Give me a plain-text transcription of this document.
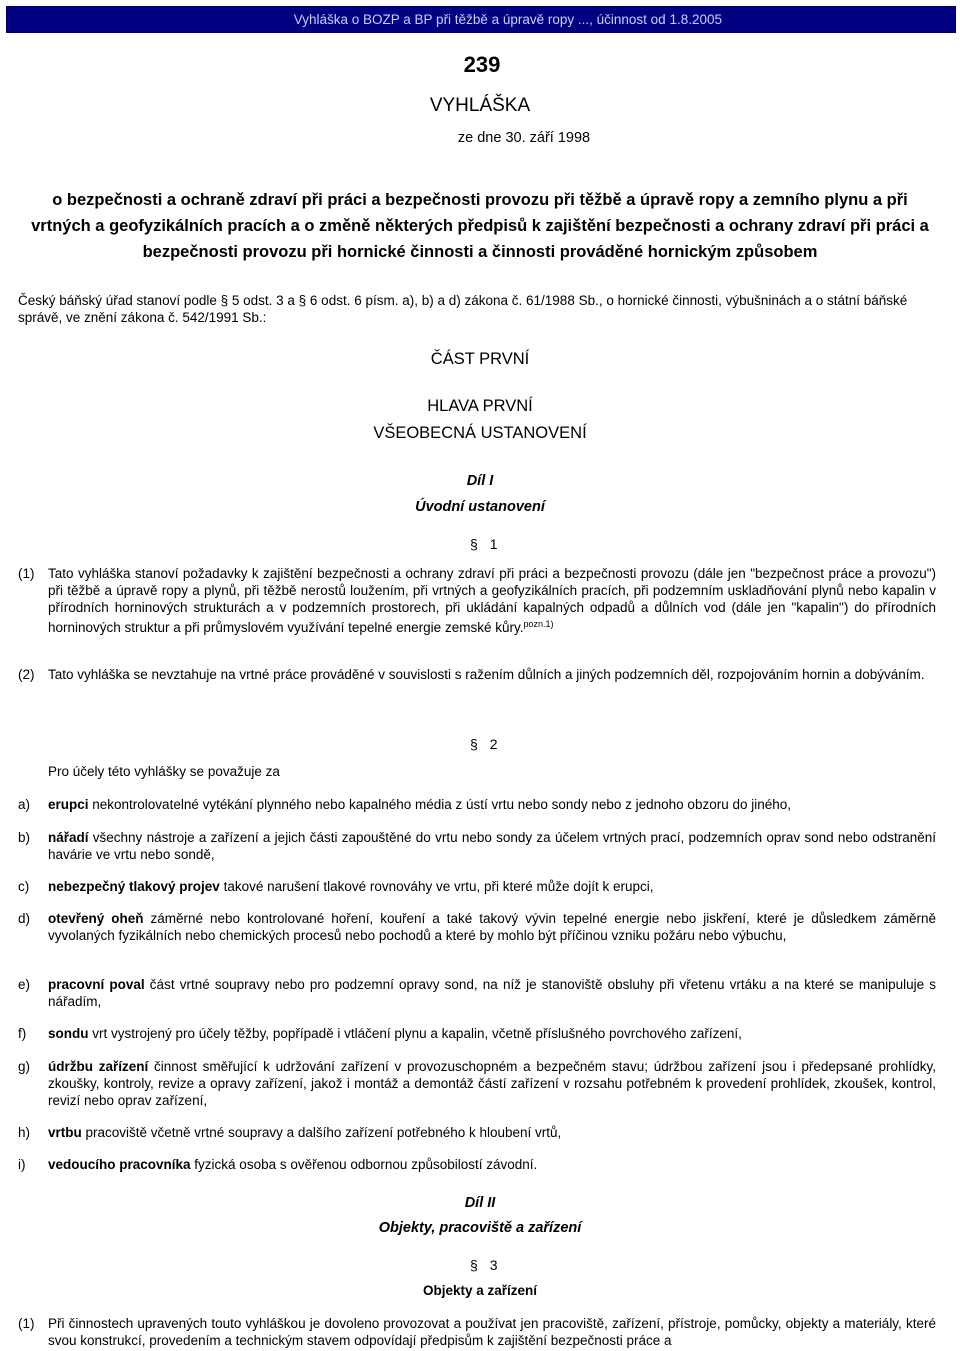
Vyhláška o BOZP a BP při těžbě a úpravě ropy ..., účinnost od 1.8.2005
239
VYHLÁŠKA
ze dne 30. září 1998
o bezpečnosti a ochraně zdraví při práci a bezpečnosti provozu při těžbě a úpravě ropy a zemního plynu a při vrtných a geofyzikálních pracích a o změně některých předpisů k zajištění bezpečnosti a ochrany zdraví při práci a bezpečnosti provozu při hornické činnosti a činnosti prováděné hornickým způsobem
Český báňský úřad stanoví podle § 5 odst. 3 a § 6 odst. 6 písm. a), b) a d) zákona č. 61/1988 Sb., o hornické činnosti, výbušninách a o státní báňské správě, ve znění zákona č. 542/1991 Sb.:
ČÁST PRVNÍ
HLAVA PRVNÍ
VŠEOBECNÁ USTANOVENÍ
Díl I
Úvodní ustanovení
§ 1
(1) Tato vyhláška stanoví požadavky k zajištění bezpečnosti a ochrany zdraví při práci a bezpečnosti provozu (dále jen "bezpečnost práce a provozu") při těžbě a úpravě ropy a plynů, při těžbě nerostů loužením, při vrtných a geofyzikálních pracích, při podzemním uskladňování plynů nebo kapalin v přírodních horninových strukturách a v podzemních prostorech, při ukládání kapalných odpadů a důlních vod (dále jen "kapalin") do přírodních horninových struktur a při průmyslovém využívání tepelné energie zemské kůry.$^{pozn.1)}$
(2) Tato vyhláška se nevztahuje na vrtné práce prováděné v souvislosti s ražením důlních a jiných podzemních děl, rozpojováním hornin a dobýváním.
§ 2
Pro účely této vyhlášky se považuje za
a) erupci nekontrolovatelné vytékání plynného nebo kapalného média z ústí vrtu nebo sondy nebo z jednoho obzoru do jiného,
b) nářadí všechny nástroje a zařízení a jejich části zapouštěné do vrtu nebo sondy za účelem vrtných prací, podzemních oprav sond nebo odstranění havárie ve vrtu nebo sondě,
c) nebezpečný tlakový projev takové narušení tlakové rovnováhy ve vrtu, při které může dojít k erupci,
d) otevřený oheň záměrné nebo kontrolované hoření, kouření a také takový vývin tepelné energie nebo jiskření, které je důsledkem záměrně vyvolaných fyzikálních nebo chemických procesů nebo pochodů a které by mohlo být příčinou vzniku požáru nebo výbuchu,
e) pracovní poval část vrtné soupravy nebo pro podzemní opravy sond, na níž je stanoviště obsluhy při vřetenu vrtáku a na které se manipuluje s nářadím,
f) sondu vrt vystrojený pro účely těžby, popřípadě i vtláčení plynu a kapalin, včetně příslušného povrchového zařízení,
g) údržbu zařízení činnost směřující k udržování zařízení v provozuschopném a bezpečném stavu; údržbou zařízení jsou i předepsané prohlídky, zkoušky, kontroly, revize a opravy zařízení, jakož i montáž a demontáž částí zařízení v rozsahu potřebném k provedení prohlídek, zkoušek, kontrol, revizí nebo oprav zařízení,
h) vrtbu pracoviště včetně vrtné soupravy a dalšího zařízení potřebného k hloubení vrtů,
i) vedoucího pracovníka fyzická osoba s ověřenou odbornou způsobilostí závodní.
Díl II
Objekty, pracoviště a zařízení
§ 3
Objekty a zařízení
(1) Při činnostech upravených touto vyhláškou je dovoleno provozovat a používat jen pracoviště, zařízení, přístroje, pomůcky, objekty a materiály, které svou konstrukcí, provedením a technickým stavem odpovídají předpisům k zajištění bezpečnosti práce a
